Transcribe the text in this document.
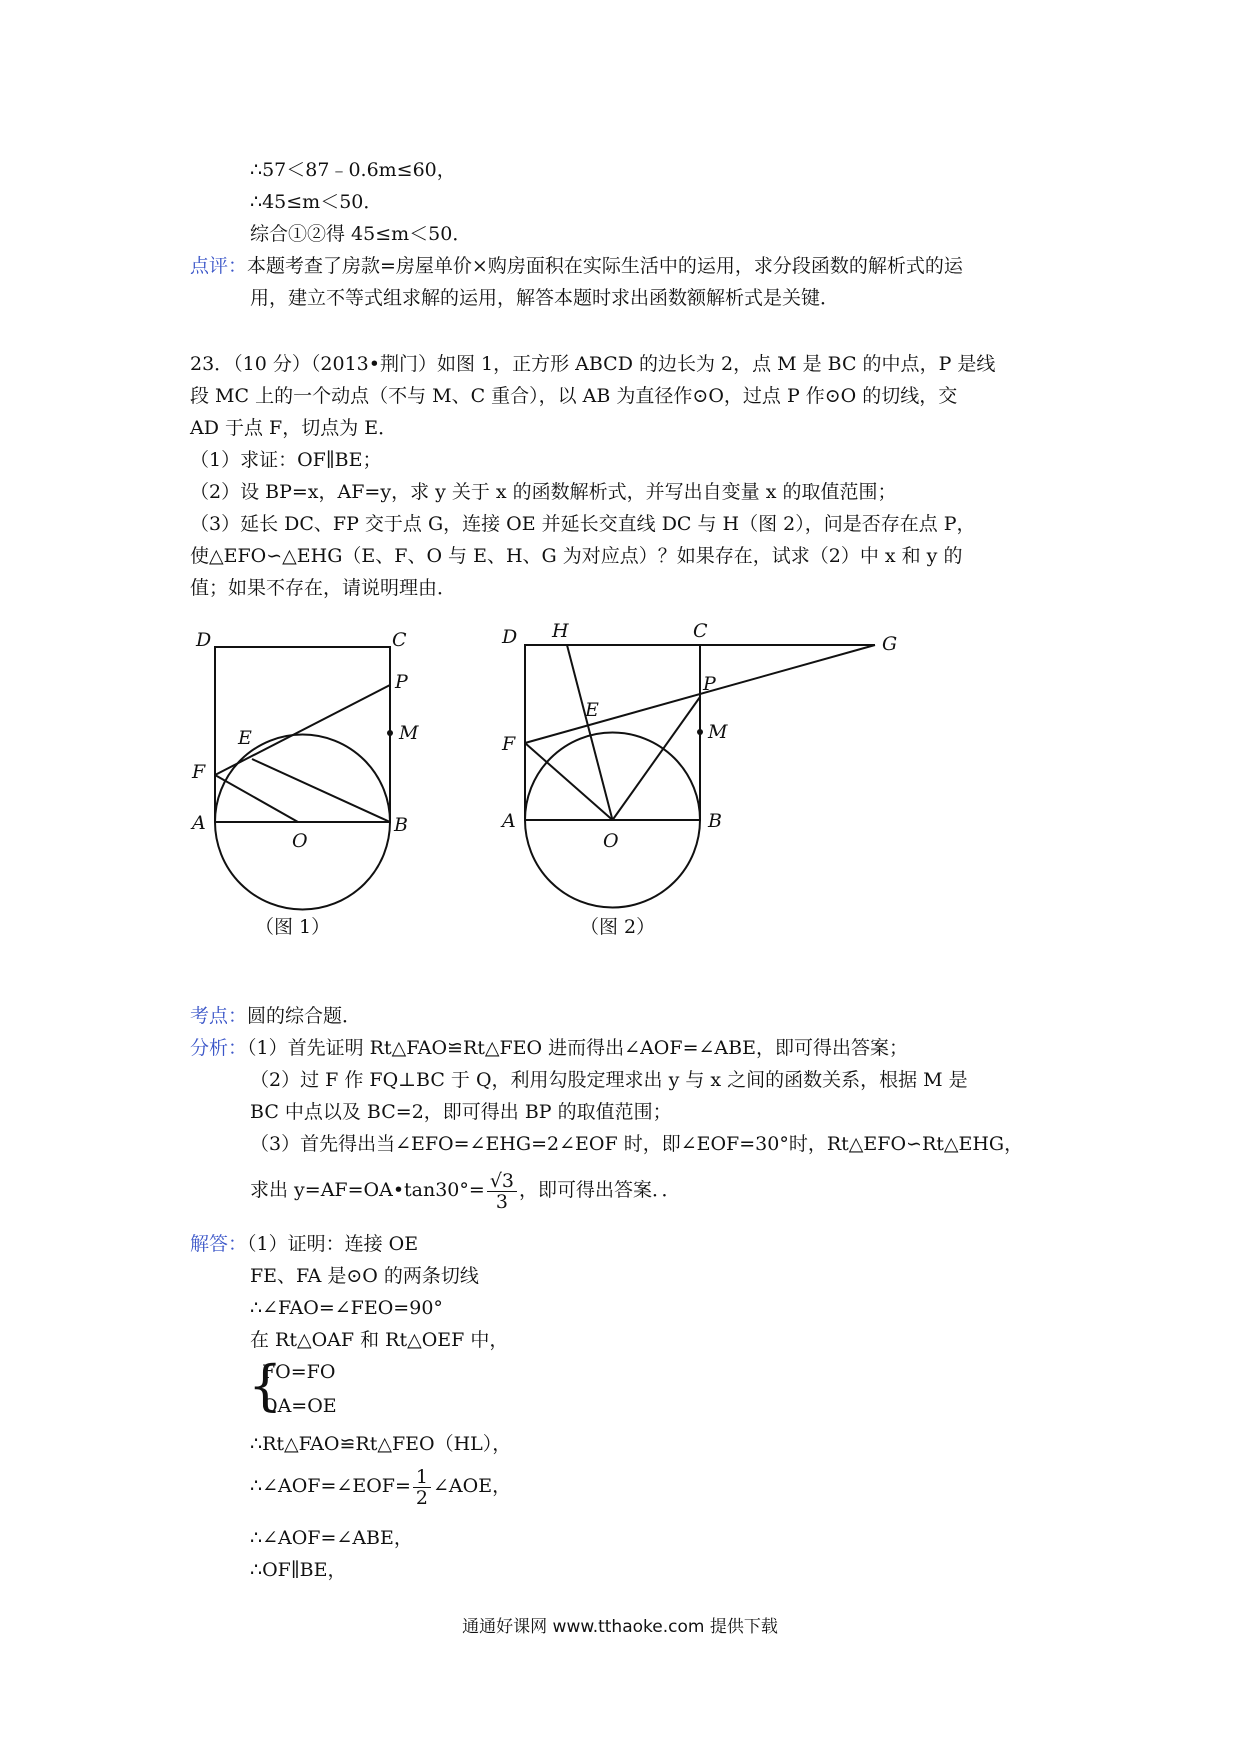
∴57＜87﹣0.6m≤60，
∴45≤m＜50．
综合①②得 45≤m＜50．
点评：本题考查了房款=房屋单价×购房面积在实际生活中的运用，求分段函数的解析式的运
用，建立不等式组求解的运用，解答本题时求出函数额解析式是关键．
23．（10 分）（2013•荆门）如图 1，正方形 ABCD 的边长为 2，点 M 是 BC 的中点，P 是线
段 MC 上的一个动点（不与 M、C 重合），以 AB 为直径作⊙O，过点 P 作⊙O 的切线，交
AD 于点 F，切点为 E．
（1）求证：OF∥BE；
（2）设 BP=x，AF=y，求 y 关于 x 的函数解析式，并写出自变量 x 的取值范围；
（3）延长 DC、FP 交于点 G，连接 OE 并延长交直线 DC 与 H（图 2），问是否存在点 P，
使△EFO∽△EHG（E、F、O 与 E、H、G 为对应点）？如果存在，试求（2）中 x 和 y 的
值；如果不存在，请说明理由．
D	C
P
M
E
F
A
O
B
（图 1）
D H	C
G
P
E
M
F
A
O
B
（图 2）
考点：圆的综合题．
分析：（1）首先证明 Rt△FAO≌Rt△FEO 进而得出∠AOF=∠ABE，即可得出答案；
（2）过 F 作 FQ⊥BC 于 Q，利用勾股定理求出 y 与 x 之间的函数关系，根据 M 是
BC 中点以及 BC=2，即可得出 BP 的取值范围；
（3）首先得出当∠EFO=∠EHG=2∠EOF 时，即∠EOF=30°时，Rt△EFO∽Rt△EHG，
求出 y=AF=OA•tan30°= $\frac{√3}{3}$ ，即可得出答案．．
解答：（1）证明：连接 OE
FE、FA 是⊙O 的两条切线
∴∠FAO=∠FEO=90°
在 Rt△OAF 和 Rt△OEF 中，
{
FO=FO
OA=OE
∴Rt△FAO≌Rt△FEO（HL），
∴∠AOF=∠EOF= $\frac{1}{2}$ ∠AOE，
∴∠AOF=∠ABE，
∴OF∥BE，
通通好课网 www.tthaoke.com 提供下载
